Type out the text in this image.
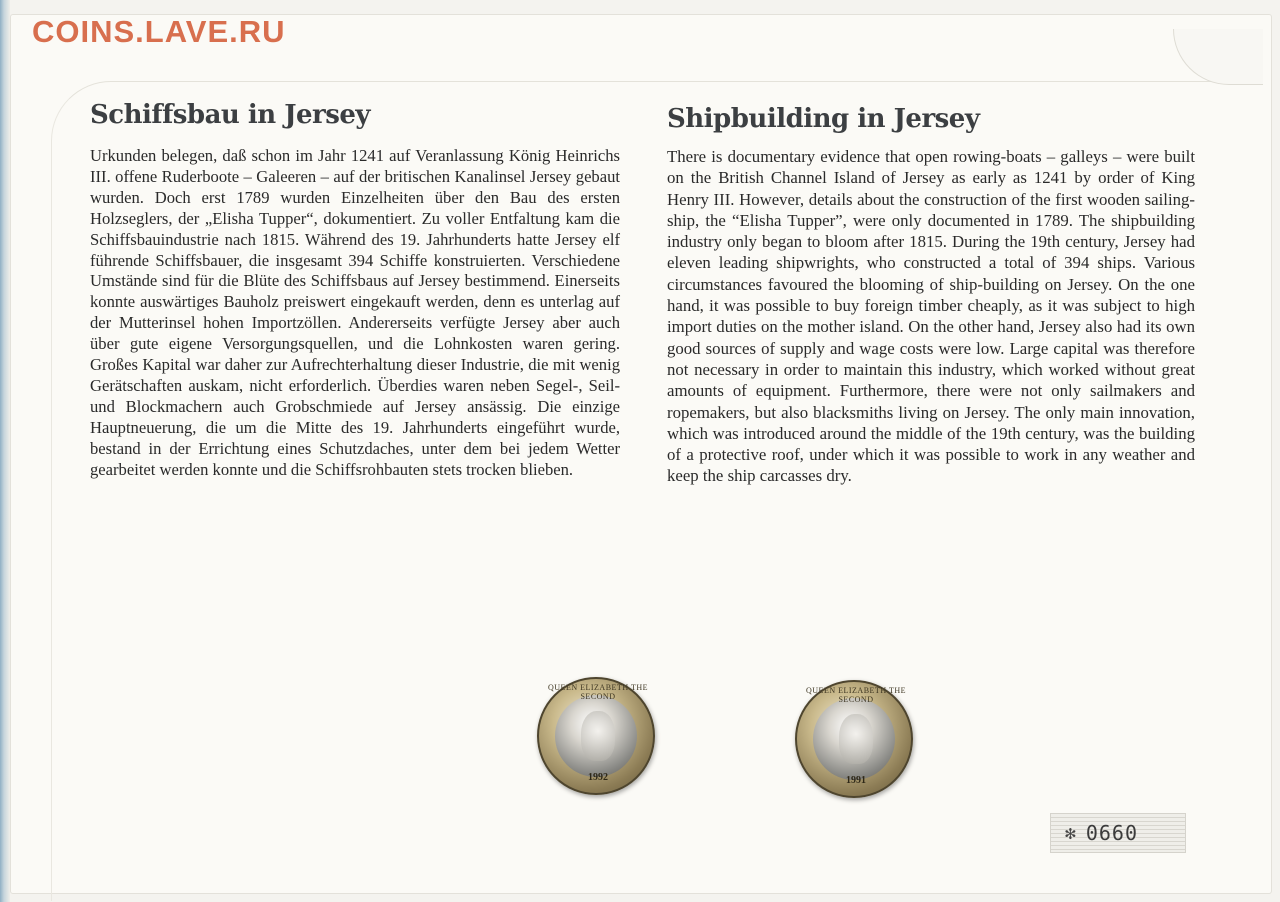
COINS.LAVE.RU
Schiffsbau in Jersey

Urkunden belegen, daß schon im Jahr 1241 auf Veranlassung König Heinrichs III. offene Ruderboote – Galeeren – auf der britischen Kanalinsel Jersey gebaut wurden. Doch erst 1789 wurden Einzelheiten über den Bau des ersten Holzseglers, der „Elisha Tupper“, dokumentiert. Zu voller Entfaltung kam die Schiffsbauindustrie nach 1815. Während des 19. Jahrhunderts hatte Jersey elf führende Schiffsbauer, die insgesamt 394 Schiffe konstruierten. Verschiedene Umstände sind für die Blüte des Schiffsbaus auf Jersey bestimmend. Einerseits konnte auswärtiges Bauholz preiswert eingekauft werden, denn es unterlag auf der Mutterinsel hohen Importzöllen. Andererseits verfügte Jersey aber auch über gute eigene Versorgungsquellen, und die Lohnkosten waren gering. Großes Kapital war daher zur Aufrechterhaltung dieser Industrie, die mit wenig Gerätschaften auskam, nicht erforderlich. Überdies waren neben Segel-, Seil- und Blockmachern auch Grobschmiede auf Jersey ansässig. Die einzige Hauptneuerung, die um die Mitte des 19. Jahrhunderts eingeführt wurde, bestand in der Errichtung eines Schutzdaches, unter dem bei jedem Wetter gearbeitet werden konnte und die Schiffsrohbauten stets trocken blieben.

Shipbuilding in Jersey

There is documentary evidence that open rowing-boats – galleys – were built on the British Channel Island of Jersey as early as 1241 by order of King Henry III. However, details about the construction of the first wooden sailing-ship, the “Elisha Tupper”, were only documented in 1789. The shipbuilding industry only began to bloom after 1815. During the 19th century, Jersey had eleven leading shipwrights, who constructed a total of 394 ships. Various circumstances favoured the blooming of ship-building on Jersey. On the one hand, it was possible to buy foreign timber cheaply, as it was subject to high import duties on the mother island. On the other hand, Jersey also had its own good sources of supply and wage costs were low. Large capital was therefore not necessary in order to maintain this industry, which worked without great amounts of equipment. Furthermore, there were not only sailmakers and ropemakers, but also blacksmiths living on Jersey. The only main innovation, which was introduced around the middle of the 19th century, was the building of a protective roof, under which it was possible to work in any weather and keep the ship carcasses dry.

QUEEN ELIZABETH THE SECOND
1992
QUEEN ELIZABETH THE SECOND
1991
✻ 0660
